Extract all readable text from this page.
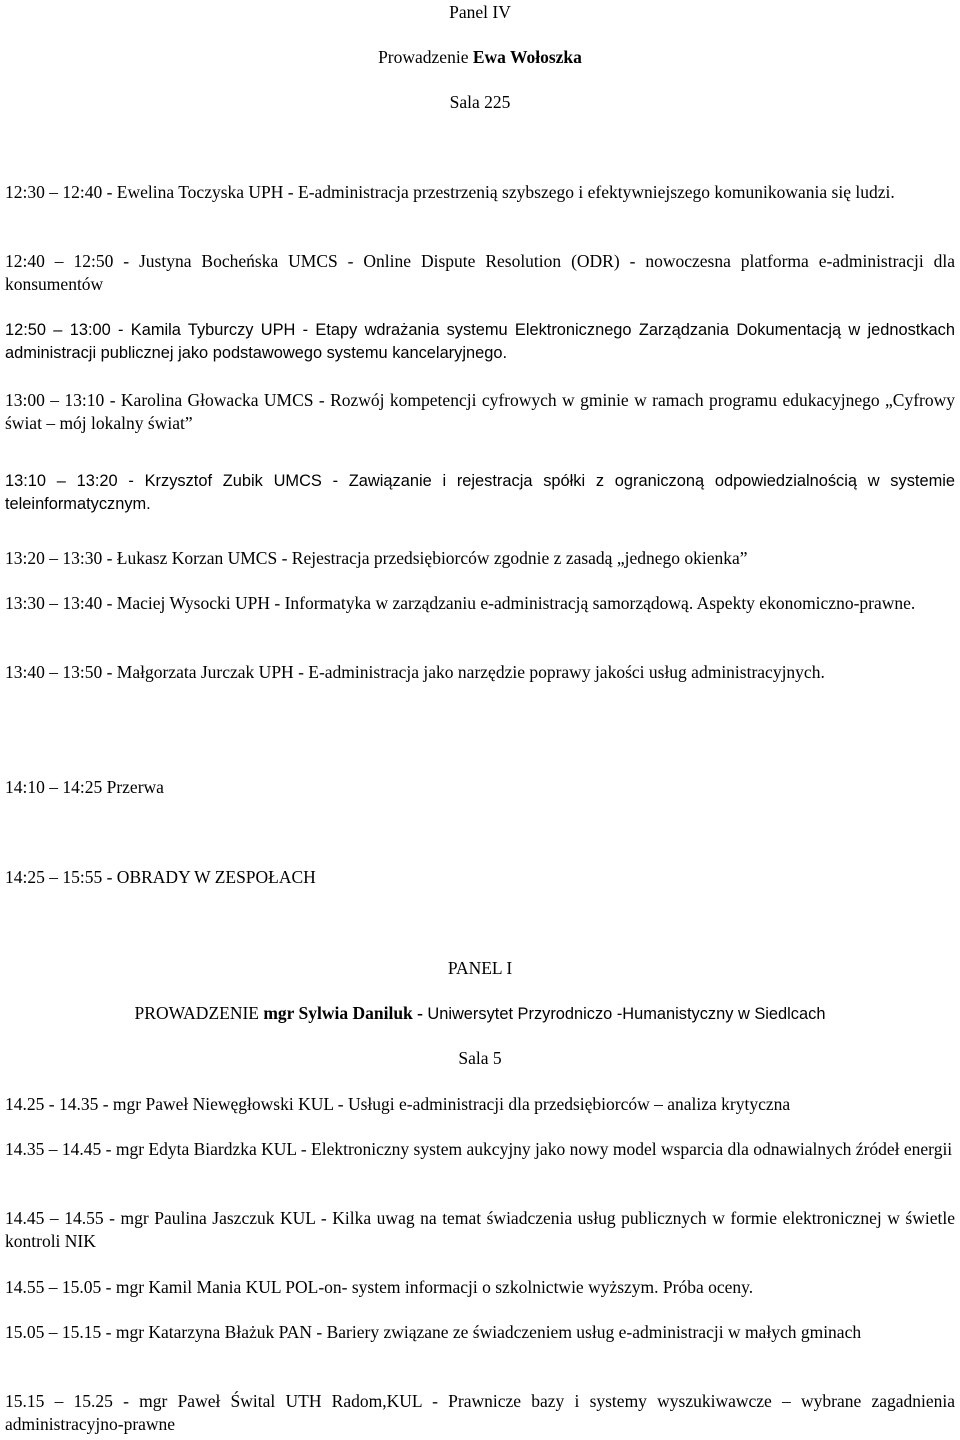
Panel IV
Prowadzenie Ewa Wołoszka
Sala 225

12:30 – 12:40 - Ewelina Toczyska UPH - E-administracja przestrzenią szybszego i efektywniejszego komunikowania się ludzi.

12:40 – 12:50 - Justyna Bocheńska UMCS - Online Dispute Resolution (ODR) - nowoczesna platforma e-administracji dla konsumentów

12:50 – 13:00 - Kamila Tyburczy UPH - Etapy wdrażania systemu Elektronicznego Zarządzania Dokumentacją w jednostkach administracji publicznej jako podstawowego systemu kancelaryjnego.

13:00 – 13:10 - Karolina Głowacka UMCS - Rozwój kompetencji cyfrowych w gminie w ramach programu edukacyjnego „Cyfrowy świat – mój lokalny świat”

13:10 – 13:20 - Krzysztof Zubik UMCS - Zawiązanie i rejestracja spółki z ograniczoną odpowiedzialnością w systemie teleinformatycznym.

13:20 – 13:30 - Łukasz Korzan UMCS - Rejestracja przedsiębiorców zgodnie z zasadą „jednego okienka”

13:30 – 13:40 - Maciej Wysocki UPH - Informatyka w zarządzaniu e-administracją samorządową. Aspekty ekonomiczno-prawne.

13:40 – 13:50 - Małgorzata Jurczak UPH - E-administracja jako narzędzie poprawy jakości usług administracyjnych.

14:10 – 14:25 Przerwa

14:25 – 15:55 - OBRADY W ZESPOŁACH

PANEL I
PROWADZENIE mgr Sylwia Daniluk - Uniwersytet Przyrodniczo -Humanistyczny w Siedlcach
Sala 5

14.25 - 14.35 - mgr Paweł Niewęgłowski KUL - Usługi e-administracji dla przedsiębiorców – analiza krytyczna

14.35 – 14.45 - mgr Edyta Biardzka KUL - Elektroniczny system aukcyjny jako nowy model wsparcia dla odnawialnych źródeł energii

14.45 – 14.55 - mgr Paulina Jaszczuk KUL - Kilka uwag na temat świadczenia usług publicznych w formie elektronicznej w świetle kontroli NIK

14.55 – 15.05 - mgr Kamil Mania KUL POL-on- system informacji o szkolnictwie wyższym. Próba oceny.

15.05 – 15.15 - mgr Katarzyna Błażuk PAN - Bariery związane ze świadczeniem usług e-administracji w małych gminach

15.15 – 15.25 - mgr Paweł Śwital UTH Radom,KUL - Prawnicze bazy i systemy wyszukiwawcze – wybrane zagadnienia administracyjno-prawne
